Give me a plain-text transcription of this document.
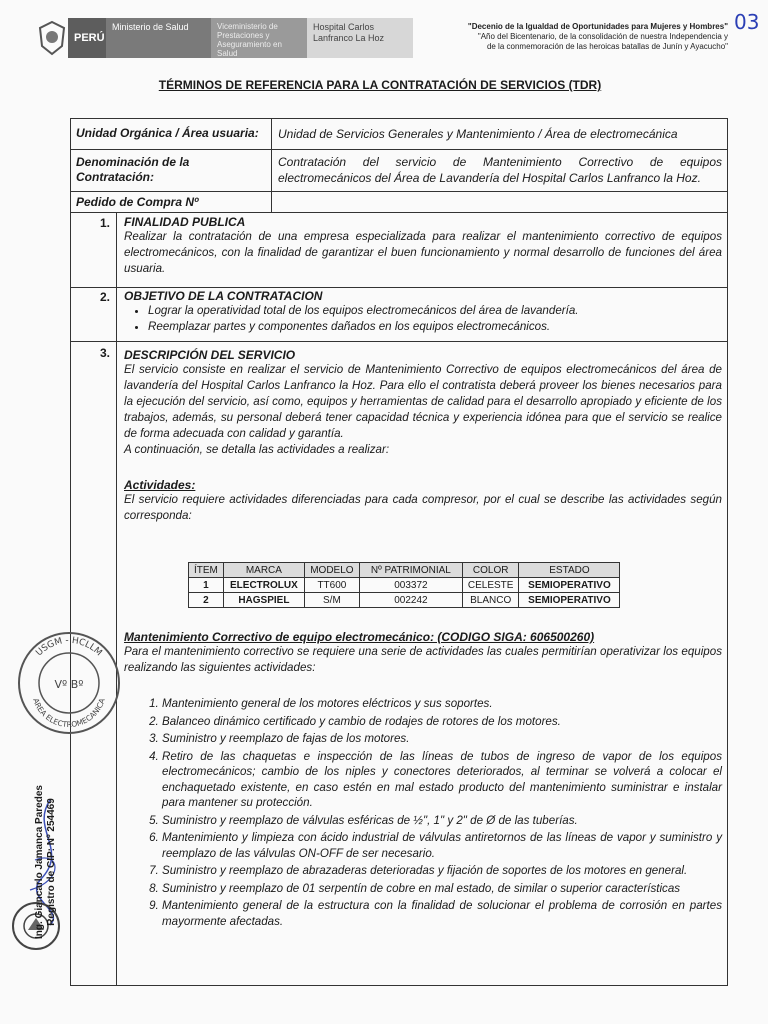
PERÚ
Ministerio de Salud	Viceministerio de Prestaciones y Aseguramiento en Salud
Hospital Carlos Lanfranco La Hoz
"Decenio de la Igualdad de Oportunidades para Mujeres y Hombres"
"Año del Bicentenario, de la consolidación de nuestra Independencia y
de la conmemoración de las heroicas batallas de Junín y Ayacucho"
03
TÉRMINOS DE REFERENCIA PARA LA CONTRATACIÓN DE SERVICIOS (TDR)
Unidad Orgánica / Área usuaria:	Unidad de Servicios Generales y Mantenimiento / Área de electromecánica
Denominación de la Contratación:
Contratación del servicio de Mantenimiento Correctivo de equipos electromecánicos del Área de Lavandería del Hospital Carlos Lanfranco la Hoz.
Pedido de Compra Nº
1. FINALIDAD PUBLICA
Realizar la contratación de una empresa especializada para realizar el mantenimiento correctivo de equipos electromecánicos, con la finalidad de garantizar el buen funcionamiento y normal desarrollo de funciones del área usuaria.
2. OBJETIVO DE LA CONTRATACION
• Lograr la operatividad total de los equipos electromecánicos del área de lavandería.
• Reemplazar partes y componentes dañados en los equipos electromecánicos.
3. DESCRIPCIÓN DEL SERVICIO
El servicio consiste en realizar el servicio de Mantenimiento Correctivo de equipos electromecánicos del área de lavandería del Hospital Carlos Lanfranco la Hoz. Para ello el contratista deberá proveer los bienes necesarios para la ejecución del servicio, así como, equipos y herramientas de calidad para el desarrollo apropiado y eficiente de los trabajos, además, su personal deberá tener capacidad técnica y experiencia idónea para que el servicio se realice de forma adecuada con calidad y garantía.
A continuación, se detalla las actividades a realizar:
Actividades:
El servicio requiere actividades diferenciadas para cada compresor, por el cual se describe las actividades según corresponda:
ÍTEM	MARCA	MODELO	Nº PATRIMONIAL	COLOR	ESTADO
1	ELECTROLUX	TT600	003372	CELESTE	SEMIOPERATIVO
2	HAGSPIEL	S/M	002242	BLANCO	SEMIOPERATIVO
Mantenimiento Correctivo de equipo electromecánico: (CODIGO SIGA: 606500260)
Para el mantenimiento correctivo se requiere una serie de actividades las cuales permitirían operativizar los equipos realizando las siguientes actividades:
1. Mantenimiento general de los motores eléctricos y sus soportes.
2. Balanceo dinámico certificado y cambio de rodajes de rotores de los motores.
3. Suministro y reemplazo de fajas de los motores.
4. Retiro de las chaquetas e inspección de las líneas de tubos de ingreso de vapor de los equipos electromecánicos; cambio de los niples y conectores deteriorados, al terminar se volverá a colocar el enchaquetado existente, en caso estén en mal estado producto del mantenimiento suministrar e instalar para mantener su protección.
5. Suministro y reemplazo de válvulas esféricas de ½", 1" y 2" de Ø de las tuberías.
6. Mantenimiento y limpieza con ácido industrial de válvulas antiretornos de las líneas de vapor y suministro y reemplazo de las válvulas ON-OFF de ser necesario.
7. Suministro y reemplazo de abrazaderas deterioradas y fijación de soportes de los motores en general.
8. Suministro y reemplazo de 01 serpentín de cobre en mal estado, de similar o superior características
9. Mantenimiento general de la estructura con la finalidad de solucionar el problema de corrosión en partes mayormente afectadas.
USGM - HCLLM
AREA ELECTROMECANICA
Vº Bº
Ing. Giancarlo Jamanca Paredes Registro de CIP: Nº 254469
